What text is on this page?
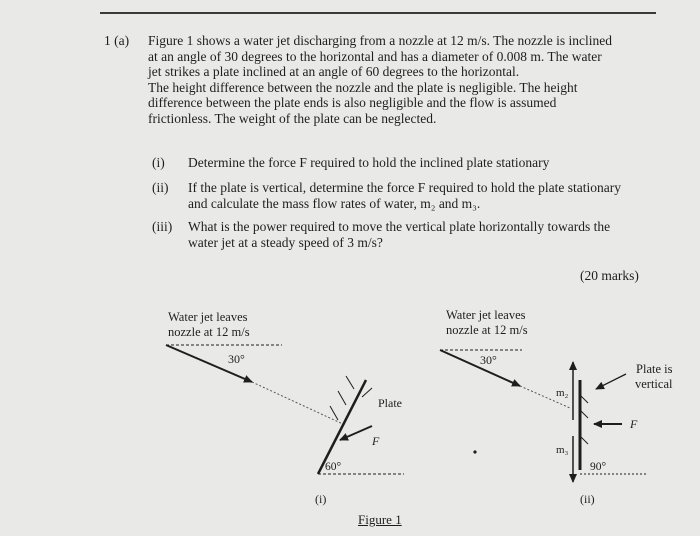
1 (a) Figure 1 shows a water jet discharging from a nozzle at 12 m/s. The nozzle is inclined
at an angle of 30 degrees to the horizontal and has a diameter of 0.008 m. The water
jet strikes a plate inclined at an angle of 60 degrees to the horizontal.
The height difference between the nozzle and the plate is negligible. The height
difference between the plate ends is also negligible and the flow is assumed
frictionless. The weight of the plate can be neglected.
(i) Determine the force F required to hold the inclined plate stationary
(ii) If the plate is vertical, determine the force F required to hold the plate stationary
and calculate the mass flow rates of water, m₂ and m₃.
(iii) What is the power required to move the vertical plate horizontally towards the
water jet at a steady speed of 3 m/s?
(20 marks)
Water jet leaves
nozzle at 12 m/s
Water jet leaves
nozzle at 12 m/s
Plate is
vertical
30°
Plate
F
60°
(i)
30°
m₂
m₃
F
90°
(ii)
Figure 1
